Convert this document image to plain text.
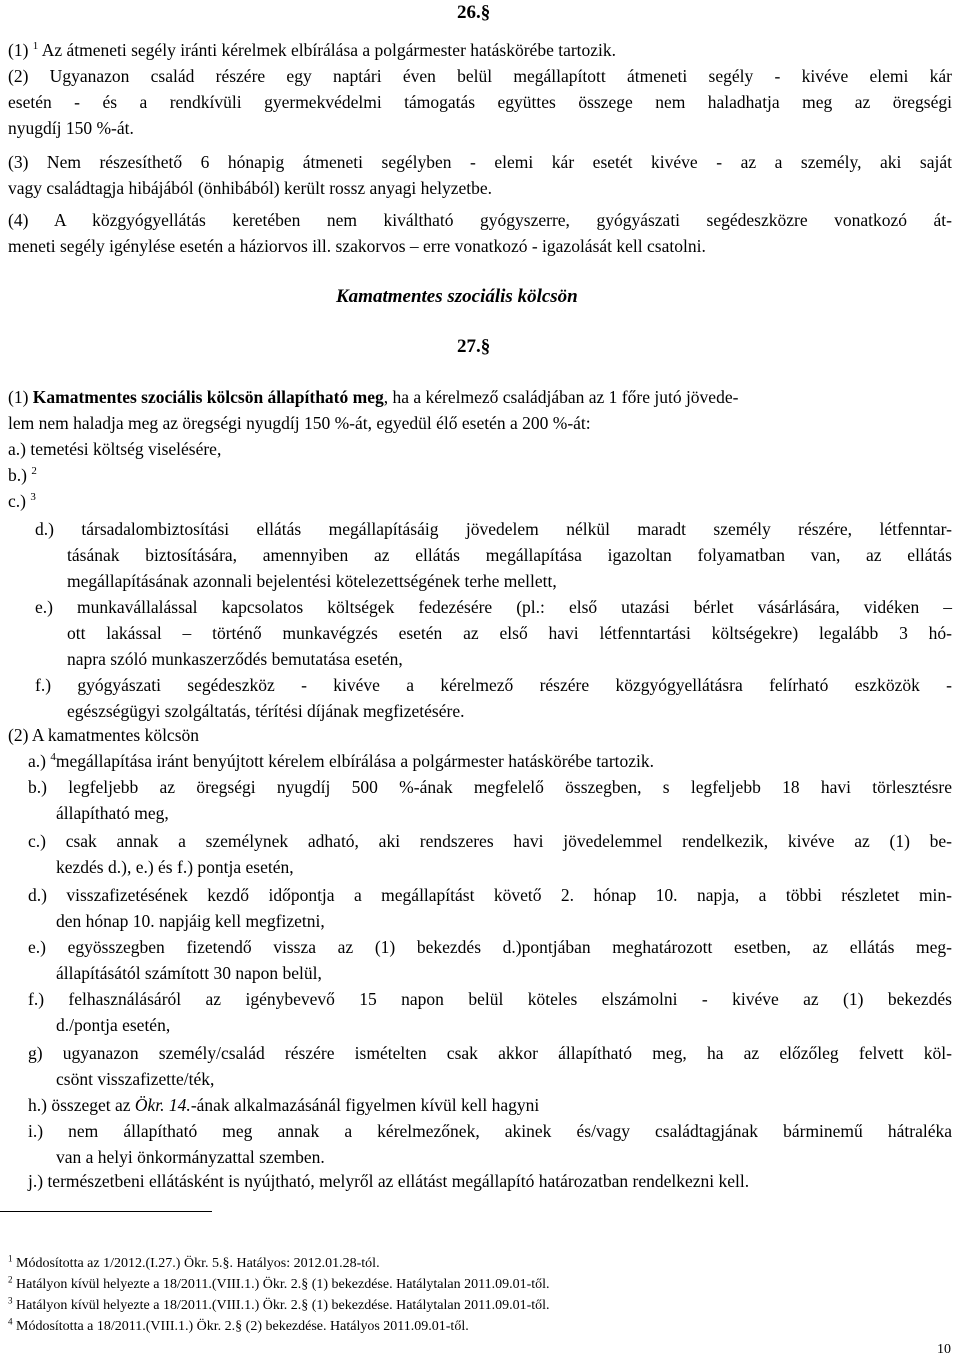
26.§
(1) $^1$ Az átmeneti segély iránti kérelmek elbírálása a polgármester hatáskörébe tartozik.
(2) Ugyanazon család részére egy naptári éven belül megállapított átmeneti segély - kivéve elemi kár
esetén - és a rendkívüli gyermekvédelmi támogatás együttes összege nem haladhatja meg az öregségi
nyugdíj 150 %-át.
(3) Nem részesíthető 6 hónapig átmeneti segélyben - elemi kár esetét kivéve - az a személy, aki saját
vagy családtagja hibájából (önhibából) került rossz anyagi helyzetbe.
(4) A közgyógyellátás keretében nem kiváltható gyógyszerre, gyógyászati segédeszközre vonatkozó át-
meneti segély igénylése esetén a háziorvos ill. szakorvos – erre vonatkozó - igazolását kell csatolni.
Kamatmentes szociális kölcsön
27.§
(1) Kamatmentes szociális kölcsön állapítható meg, ha a kérelmező családjában az 1 főre jutó jövede-
lem nem haladja meg az öregségi nyugdíj 150 %-át, egyedül élő esetén a 200 %-át:
a.) temetési költség viselésére,
b.) $^2$
c.) $^3$
d.) társadalombiztosítási ellátás megállapításáig jövedelem nélkül maradt személy részére, létfenntar-
tásának biztosítására, amennyiben az ellátás megállapítása igazoltan folyamatban van, az ellátás
megállapításának azonnali bejelentési kötelezettségének terhe mellett,
e.) munkavállalással kapcsolatos költségek fedezésére (pl.: első utazási bérlet vásárlására, vidéken –
ott lakással – történő munkavégzés esetén az első havi létfenntartási költségekre) legalább 3 hó-
napra szóló munkaszerződés bemutatása esetén,
f.) gyógyászati segédeszköz - kivéve a kérelmező részére közgyógyellátásra felírható eszközök -
egészségügyi szolgáltatás, térítési díjának megfizetésére.
(2) A kamatmentes kölcsön
a.) $^4$megállapítása iránt benyújtott kérelem elbírálása a polgármester hatáskörébe tartozik.
b.) legfeljebb az öregségi nyugdíj 500 %-ának megfelelő összegben, s legfeljebb 18 havi törlesztésre
állapítható meg,
c.) csak annak a személynek adható, aki rendszeres havi jövedelemmel rendelkezik, kivéve az (1) be-
kezdés d.), e.) és f.) pontja esetén,
d.) visszafizetésének kezdő időpontja a megállapítást követő 2. hónap 10. napja, a többi részletet min-
den hónap 10. napjáig kell megfizetni,
e.) egyösszegben fizetendő vissza az (1) bekezdés d.)pontjában meghatározott esetben, az ellátás meg-
állapításától számított 30 napon belül,
f.) felhasználásáról az igénybevevő 15 napon belül köteles elszámolni - kivéve az (1) bekezdés
d./pontja esetén,
g) ugyanazon személy/család részére ismételten csak akkor állapítható meg, ha az előzőleg felvett köl-
csönt visszafizette/ték,
h.) összeget az Ökr. 14.-ának alkalmazásánál figyelmen kívül kell hagyni
i.) nem állapítható meg annak a kérelmezőnek, akinek és/vagy családtagjának bárminemű hátraléka
van a helyi önkormányzattal szemben.
j.) természetbeni ellátásként is nyújtható, melyről az ellátást megállapító határozatban rendelkezni kell.
$^1$ Módosította az 1/2012.(I.27.) Ökr. 5.§. Hatályos: 2012.01.28-tól.
$^2$ Hatályon kívül helyezte a 18/2011.(VIII.1.) Ökr. 2.§ (1) bekezdése. Hatálytalan 2011.09.01-től.
$^3$ Hatályon kívül helyezte a 18/2011.(VIII.1.) Ökr. 2.§ (1) bekezdése. Hatálytalan 2011.09.01-től.
$^4$ Módosította a 18/2011.(VIII.1.) Ökr. 2.§ (2) bekezdése. Hatályos 2011.09.01-től.
10
